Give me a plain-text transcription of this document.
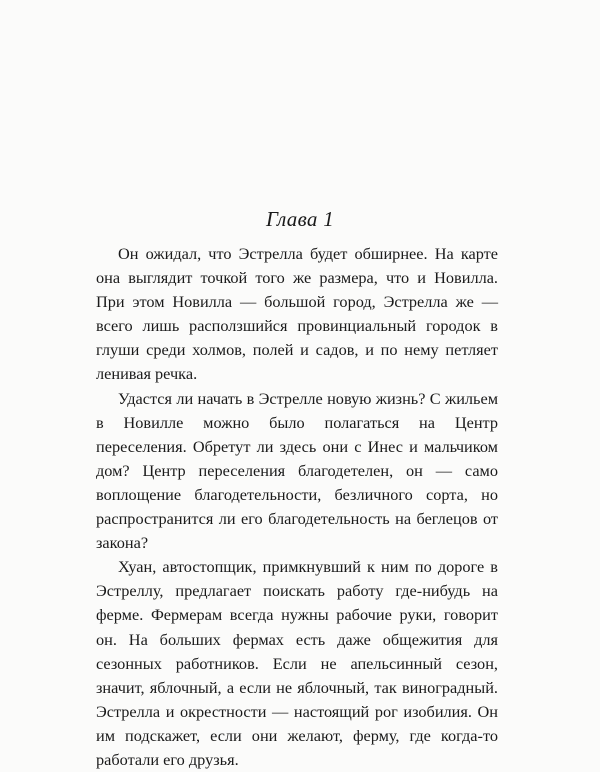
Глава 1

Он ожидал, что Эстрелла будет обширнее. На карте она выглядит точкой того же размера, что и Новилла. При этом Новилла — большой город, Эстрелла же — всего лишь расползшийся провинциальный городок в глуши среди холмов, полей и садов, и по нему петляет ленивая речка.

Удастся ли начать в Эстрелле новую жизнь? С жильем в Новилле можно было полагаться на Центр переселения. Обретут ли здесь они с Инес и мальчиком дом? Центр переселения благодетелен, он — само воплощение благодетельности, безличного сорта, но распространится ли его благодетельность на беглецов от закона?

Хуан, автостопщик, примкнувший к ним по дороге в Эстреллу, предлагает поискать работу где-нибудь на ферме. Фермерам всегда нужны рабочие руки, говорит он. На больших фермах есть даже общежития для сезонных работников. Если не апельсинный сезон, значит, яблочный, а если не яблочный, так виноградный. Эстрелла и окрестности — настоящий рог изобилия. Он им подскажет, если они желают, ферму, где когда-то работали его друзья.
